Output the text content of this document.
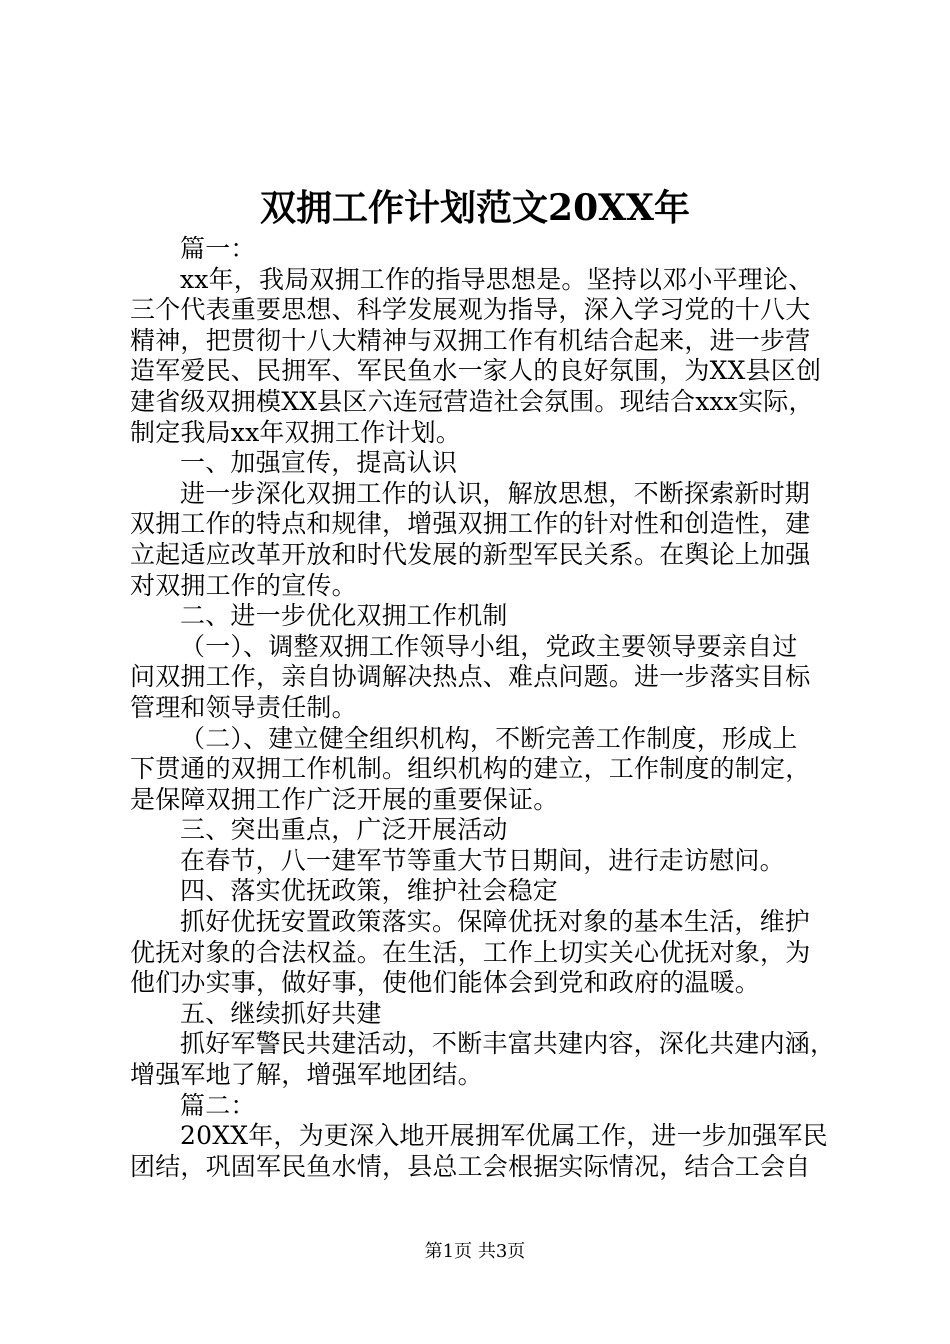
双拥工作计划范文20XX年
篇一：
xx年，我局双拥工作的指导思想是。坚持以邓小平理论、
三个代表重要思想、科学发展观为指导，深入学习党的十八大
精神，把贯彻十八大精神与双拥工作有机结合起来，进一步营
造军爱民、民拥军、军民鱼水一家人的良好氛围，为XX县区创
建省级双拥模XX县区六连冠营造社会氛围。现结合xxx实际，
制定我局xx年双拥工作计划。
一、加强宣传，提高认识
进一步深化双拥工作的认识，解放思想，不断探索新时期
双拥工作的特点和规律，增强双拥工作的针对性和创造性，建
立起适应改革开放和时代发展的新型军民关系。在舆论上加强
对双拥工作的宣传。
二、进一步优化双拥工作机制
（一）、调整双拥工作领导小组，党政主要领导要亲自过
问双拥工作，亲自协调解决热点、难点问题。进一步落实目标
管理和领导责任制。
（二）、建立健全组织机构，不断完善工作制度，形成上
下贯通的双拥工作机制。组织机构的建立，工作制度的制定，
是保障双拥工作广泛开展的重要保证。
三、突出重点，广泛开展活动
在春节，八一建军节等重大节日期间，进行走访慰问。
四、落实优抚政策，维护社会稳定
抓好优抚安置政策落实。保障优抚对象的基本生活，维护
优抚对象的合法权益。在生活，工作上切实关心优抚对象，为
他们办实事，做好事，使他们能体会到党和政府的温暖。
五、继续抓好共建
抓好军警民共建活动，不断丰富共建内容，深化共建内涵，
增强军地了解，增强军地团结。
篇二：
20XX年，为更深入地开展拥军优属工作，进一步加强军民
团结，巩固军民鱼水情，县总工会根据实际情况，结合工会自
第1页 共3页
